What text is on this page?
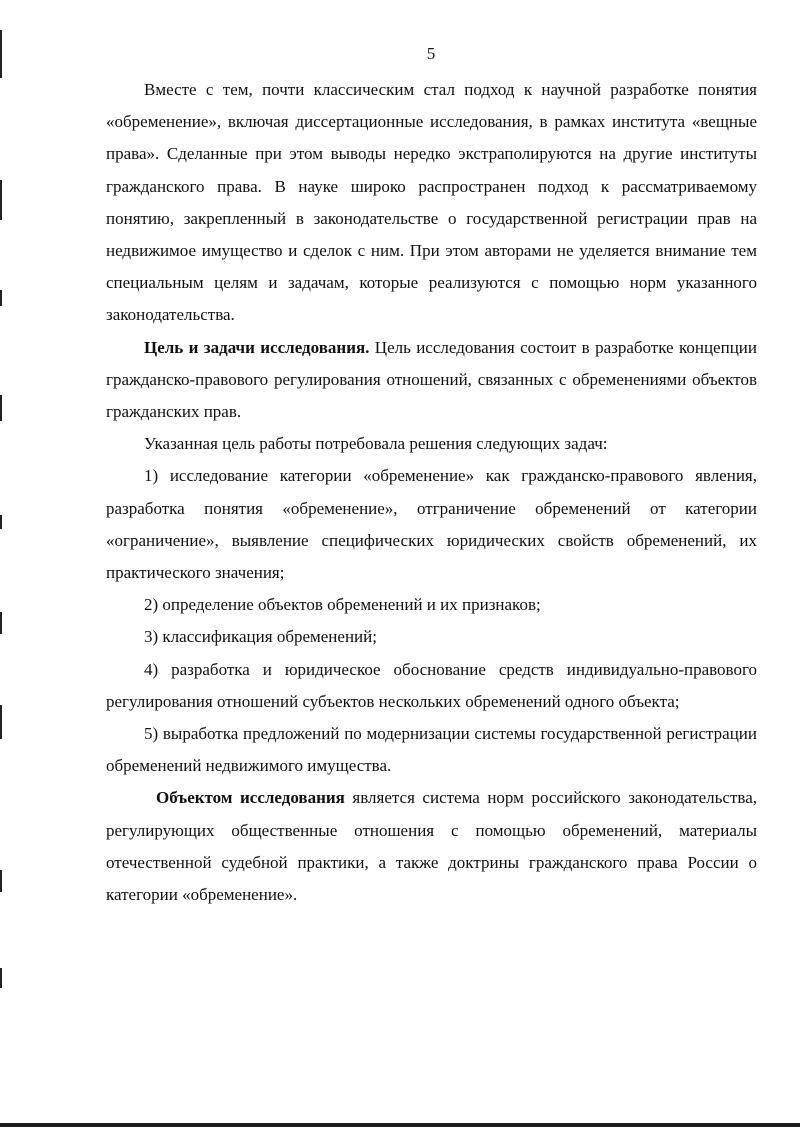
5

Вместе с тем, почти классическим стал подход к научной разработке понятия «обременение», включая диссертационные исследования, в рамках института «вещные права». Сделанные при этом выводы нередко экстраполируются на другие институты гражданского права. В науке широко распространен подход к рассматриваемому понятию, закрепленный в законодательстве о государственной регистрации прав на недвижимое имущество и сделок с ним. При этом авторами не уделяется внимание тем специальным целям и задачам, которые реализуются с помощью норм указанного законодательства.

Цель и задачи исследования. Цель исследования состоит в разработке концепции гражданско-правового регулирования отношений, связанных с обременениями объектов гражданских прав.

Указанная цель работы потребовала решения следующих задач:

1) исследование категории «обременение» как гражданско-правового явления, разработка понятия «обременение», отграничение обременений от категории «ограничение», выявление специфических юридических свойств обременений, их практического значения;

2) определение объектов обременений и их признаков;

3) классификация обременений;

4) разработка и юридическое обоснование средств индивидуально-правового регулирования отношений субъектов нескольких обременений одного объекта;

5) выработка предложений по модернизации системы государственной регистрации обременений недвижимого имущества.

Объектом исследования является система норм российского законодательства, регулирующих общественные отношения с помощью обременений, материалы отечественной судебной практики, а также доктрины гражданского права России о категории «обременение».
